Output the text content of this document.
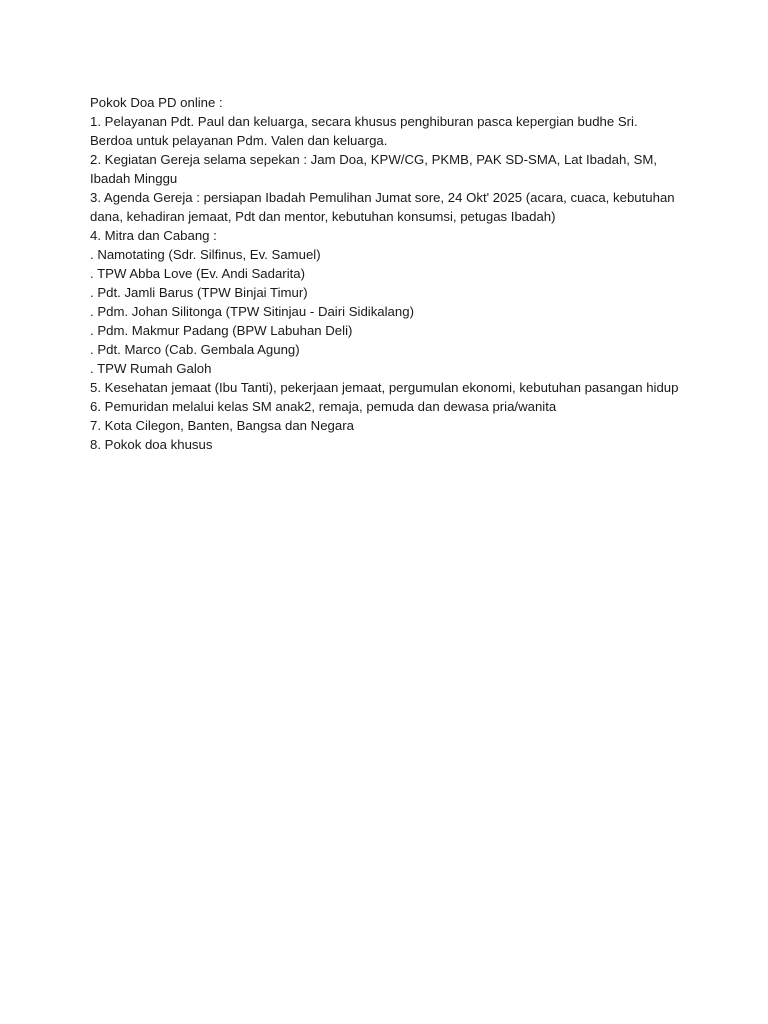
Pokok Doa PD online :

1. Pelayanan Pdt. Paul dan keluarga, secara khusus penghiburan pasca kepergian budhe Sri. Berdoa untuk pelayanan Pdm. Valen dan keluarga.

2. Kegiatan Gereja selama sepekan : Jam Doa, KPW/CG, PKMB, PAK SD-SMA, Lat Ibadah, SM, Ibadah Minggu

3. Agenda Gereja : persiapan Ibadah Pemulihan Jumat sore, 24 Okt' 2025 (acara, cuaca, kebutuhan dana, kehadiran jemaat, Pdt dan mentor, kebutuhan konsumsi, petugas Ibadah)

4. Mitra dan Cabang :

. Namotating (Sdr. Silfinus, Ev. Samuel)

. TPW Abba Love (Ev. Andi Sadarita)

. Pdt. Jamli Barus (TPW Binjai Timur)

. Pdm. Johan Silitonga (TPW Sitinjau - Dairi Sidikalang)

. Pdm. Makmur Padang (BPW Labuhan Deli)

. Pdt. Marco (Cab. Gembala Agung)

. TPW Rumah Galoh

5. Kesehatan jemaat (Ibu Tanti), pekerjaan jemaat, pergumulan ekonomi, kebutuhan pasangan hidup

6. Pemuridan melalui kelas SM anak2, remaja, pemuda dan dewasa pria/wanita

7. Kota Cilegon, Banten, Bangsa dan Negara

8. Pokok doa khusus
